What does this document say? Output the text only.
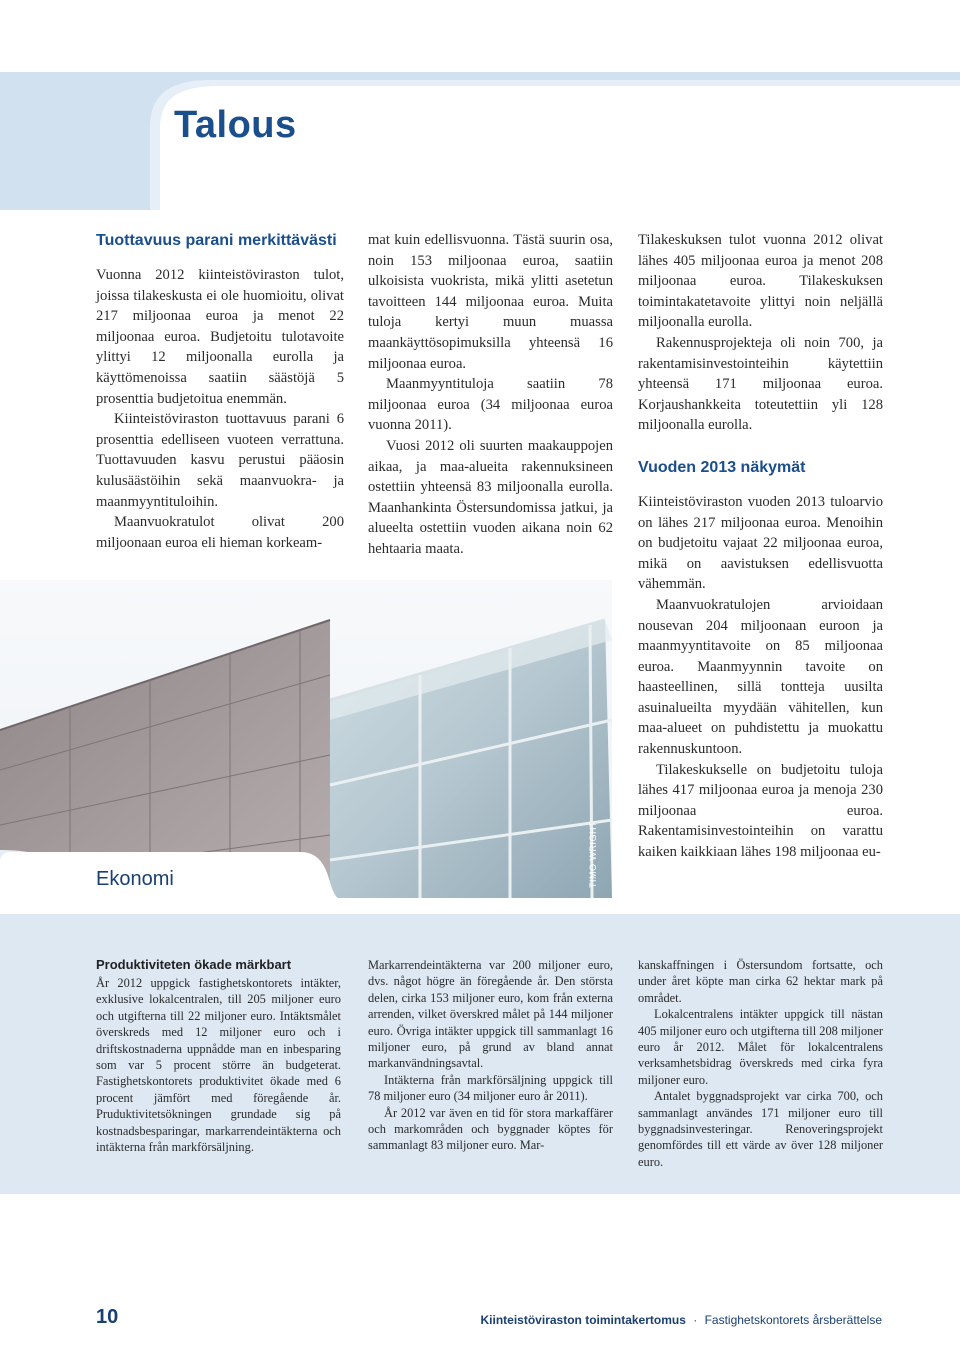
Talous
Tuottavuus parani merkittävästi

Vuonna 2012 kiinteistöviraston tulot, joissa tilakeskusta ei ole huomioitu, olivat 217 miljoonaa euroa ja menot 22 miljoonaa euroa. Budjetoitu tulotavoite ylittyi 12 miljoonalla eurolla ja käyttömenoissa saatiin säästöjä 5 prosenttia budjetoitua enemmän.

Kiinteistöviraston tuottavuus parani 6 prosenttia edelliseen vuoteen verrattuna. Tuottavuuden kasvu perustui pääosin kulusäästöihin sekä maanvuokra- ja maanmyyntituloihin.

Maanvuokratulot olivat 200 miljoonaan euroa eli hieman korkeam-

mat kuin edellisvuonna. Tästä suurin osa, noin 153 miljoonaa euroa, saatiin ulkoisista vuokrista, mikä ylitti asetetun tavoitteen 144 miljoonaa euroa. Muita tuloja kertyi muun muassa maankäyttösopimuksilla yhteensä 16 miljoonaa euroa.

Maanmyyntituloja saatiin 78 miljoonaa euroa (34 miljoonaa euroa vuonna 2011).

Vuosi 2012 oli suurten maakauppojen aikaa, ja maa-alueita rakennuksineen ostettiin yhteensä 83 miljoonalla eurolla. Maanhankinta Östersundomissa jatkui, ja alueelta ostettiin vuoden aikana noin 62 hehtaaria maata.

Tilakeskuksen tulot vuonna 2012 olivat lähes 405 miljoonaa euroa ja menot 208 miljoonaa euroa. Tilakeskuksen toimintakatetavoite ylittyi noin neljällä miljoonalla eurolla.

Rakennusprojekteja oli noin 700, ja rakentamisinvestointeihin käytettiin yhteensä 171 miljoonaa euroa. Korjaushankkeita toteutettiin yli 128 miljoonalla eurolla.

Vuoden 2013 näkymät

Kiinteistöviraston vuoden 2013 tuloarvio on lähes 217 miljoonaa euroa. Menoihin on budjetoitu vajaat 22 miljoonaa euroa, mikä on aavistuksen edellisvuotta vähemmän.

Maanvuokratulojen arvioidaan nousevan 204 miljoonaan euroon ja maanmyyntitavoite on 85 miljoonaa euroa. Maanmyynnin tavoite on haasteellinen, sillä tontteja uusilta asuinalueilta myydään vähitellen, kun maa-alueet on puhdistettu ja muokattu rakennuskuntoon.

Tilakeskukselle on budjetoitu tuloja lähes 417 miljoonaa euroa ja menoja 230 miljoonaa euroa. Rakentamisinvestointeihin on varattu kaiken kaikkiaan lähes 198 miljoonaa eu-

TIMO WRIGHT
Ekonomi
Produktiviteten ökade märkbart

År 2012 uppgick fastighetskontorets intäkter, exklusive lokalcentralen, till 205 miljoner euro och utgifterna till 22 miljoner euro. Intäktsmålet överskreds med 12 miljoner euro och i driftskostnaderna uppnådde man en inbesparing som var 5 procent större än budgeterat. Fastighetskontorets produktivitet ökade med 6 procent jämfört med föregående år. Pruduktivitetsökningen grundade sig på kostnadsbesparingar, markarrendeintäkterna och intäkterna från markförsäljning.

Markarrendeintäkterna var 200 miljoner euro, dvs. något högre än föregående år. Den största delen, cirka 153 miljoner euro, kom från externa arrenden, vilket överskred målet på 144 miljoner euro. Övriga intäkter uppgick till sammanlagt 16 miljoner euro, på grund av bland annat markanvändningsavtal.

Intäkterna från markförsäljning uppgick till 78 miljoner euro (34 miljoner euro år 2011).

År 2012 var även en tid för stora markaffärer och markområden och byggnader köptes för sammanlagt 83 miljoner euro. Mar-

kanskaffningen i Östersundom fortsatte, och under året köpte man cirka 62 hektar mark på området.

Lokalcentralens intäkter uppgick till nästan 405 miljoner euro och utgifterna till 208 miljoner euro år 2012. Målet för lokalcentralens verksamhetsbidrag överskreds med cirka fyra miljoner euro.

Antalet byggnadsprojekt var cirka 700, och sammanlagt användes 171 miljoner euro till byggnadsinvesteringar. Renoveringsprojekt genomfördes till ett värde av över 128 miljoner euro.

10	Kiinteistöviraston toimintakertomus · Fastighetskontorets årsberättelse
